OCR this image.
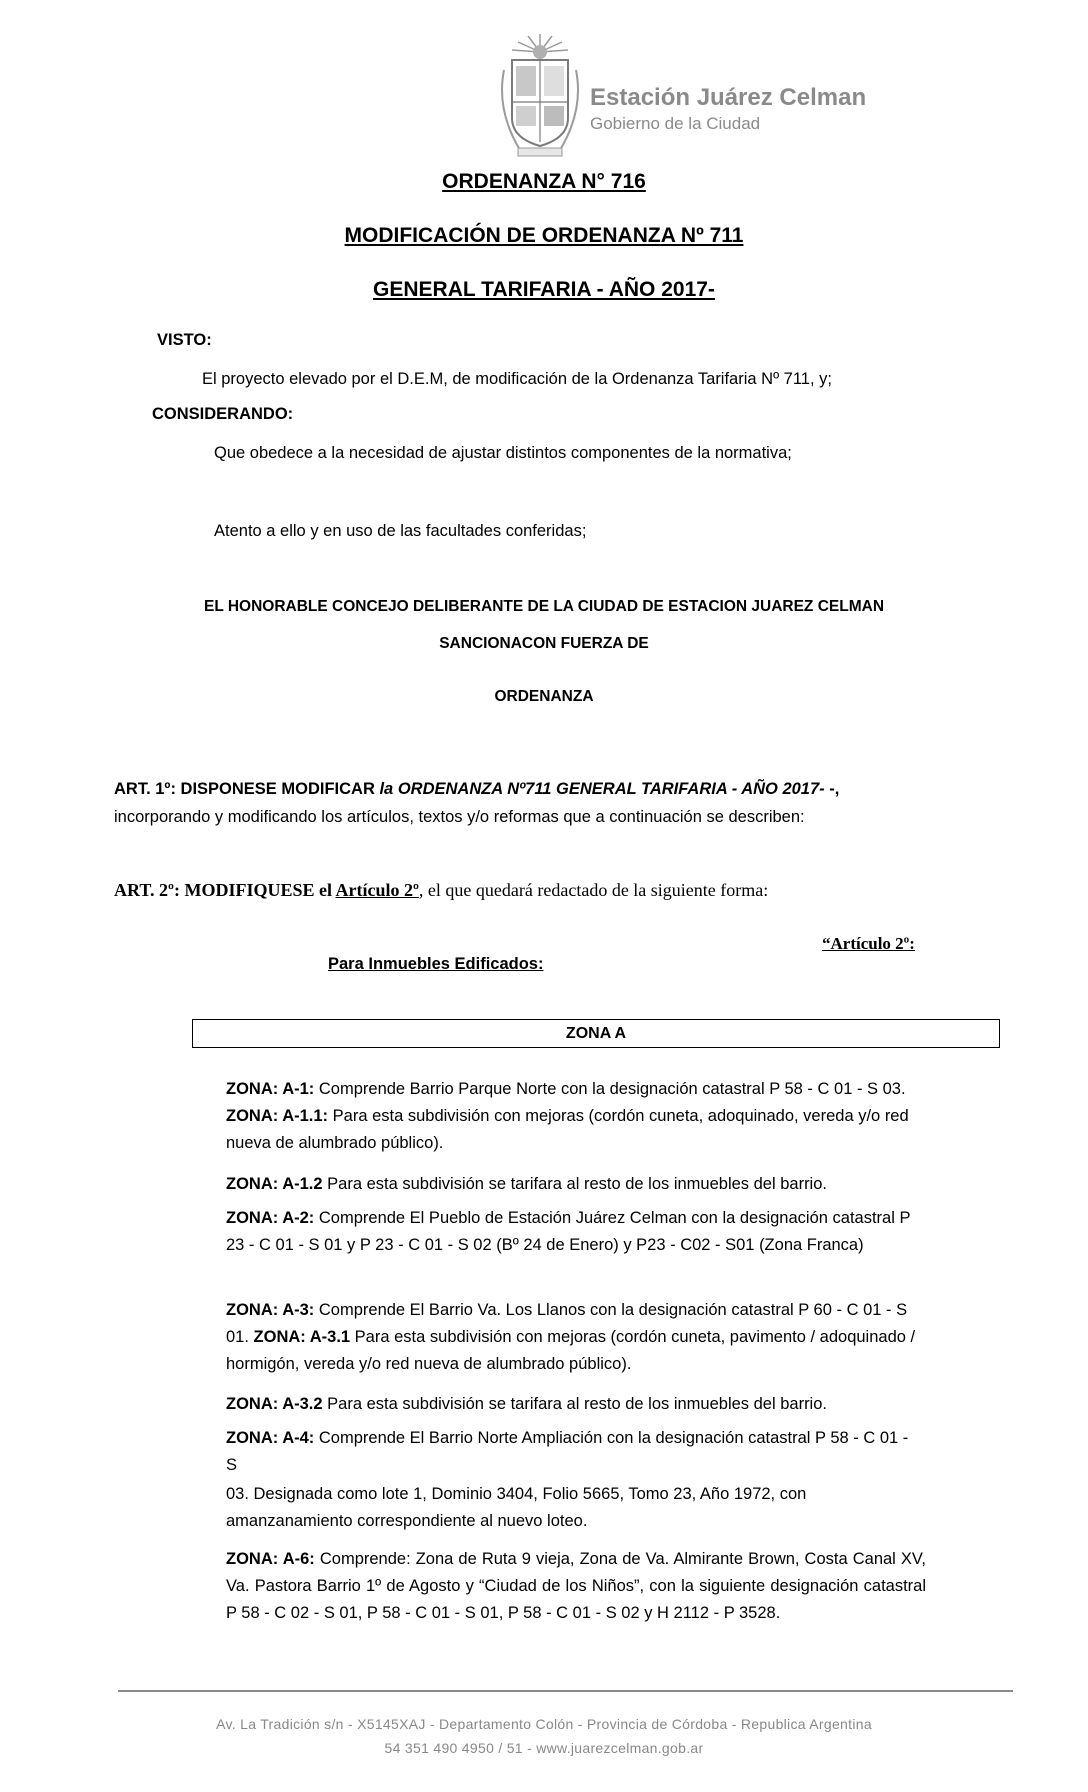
Estación Juárez Celman
Gobierno de la Ciudad
ORDENANZA N° 716
MODIFICACIÓN DE ORDENANZA Nº 711
GENERAL TARIFARIA - AÑO 2017-
VISTO:
El proyecto elevado por el D.E.M, de modificación de la Ordenanza Tarifaria Nº 711, y;
CONSIDERANDO:
Que obedece a la necesidad de ajustar distintos componentes de la normativa;
Atento a ello y en uso de las facultades conferidas;
EL HONORABLE CONCEJO DELIBERANTE DE LA CIUDAD DE ESTACION JUAREZ CELMAN
SANCIONACON FUERZA DE
ORDENANZA
ART. 1º: DISPONESE MODIFICAR la ORDENANZA Nº711 GENERAL TARIFARIA - AÑO 2017- -,
incorporando y modificando los artículos, textos y/o reformas que a continuación se describen:
ART. 2º: MODIFIQUESE el Artículo 2º, el que quedará redactado de la siguiente forma:
“Artículo 2º:
Para Inmuebles Edificados:
ZONA A
ZONA: A-1: Comprende Barrio Parque Norte con la designación catastral P 58 - C 01 - S 03. ZONA: A-1.1: Para esta subdivisión con mejoras (cordón cuneta, adoquinado, vereda y/o red nueva de alumbrado público).
ZONA: A-1.2 Para esta subdivisión se tarifara al resto de los inmuebles del barrio.
ZONA: A-2: Comprende El Pueblo de Estación Juárez Celman con la designación catastral P 23 - C 01 - S 01 y P 23 - C 01 - S 02 (Bº 24 de Enero) y P23 - C02 - S01 (Zona Franca)
ZONA: A-3: Comprende El Barrio Va. Los Llanos con la designación catastral P 60 - C 01 - S 01. ZONA: A-3.1 Para esta subdivisión con mejoras (cordón cuneta, pavimento / adoquinado / hormigón, vereda y/o red nueva de alumbrado público).
ZONA: A-3.2 Para esta subdivisión se tarifara al resto de los inmuebles del barrio.
ZONA: A-4: Comprende El Barrio Norte Ampliación con la designación catastral P 58 - C 01 - S
03. Designada como lote 1, Dominio 3404, Folio 5665, Tomo 23, Año 1972, con amanzanamiento correspondiente al nuevo loteo.
ZONA: A-6: Comprende: Zona de Ruta 9 vieja, Zona de Va. Almirante Brown, Costa Canal XV, Va. Pastora Barrio 1º de Agosto y “Ciudad de los Niños”, con la siguiente designación catastral P 58 - C 02 - S 01, P 58 - C 01 - S 01, P 58 - C 01 - S 02 y H 2112 - P 3528.
Av. La Tradición s/n - X5145XAJ - Departamento Colón - Provincia de Córdoba - Republica Argentina
54 351 490 4950 / 51 - www.juarezcelman.gob.ar
